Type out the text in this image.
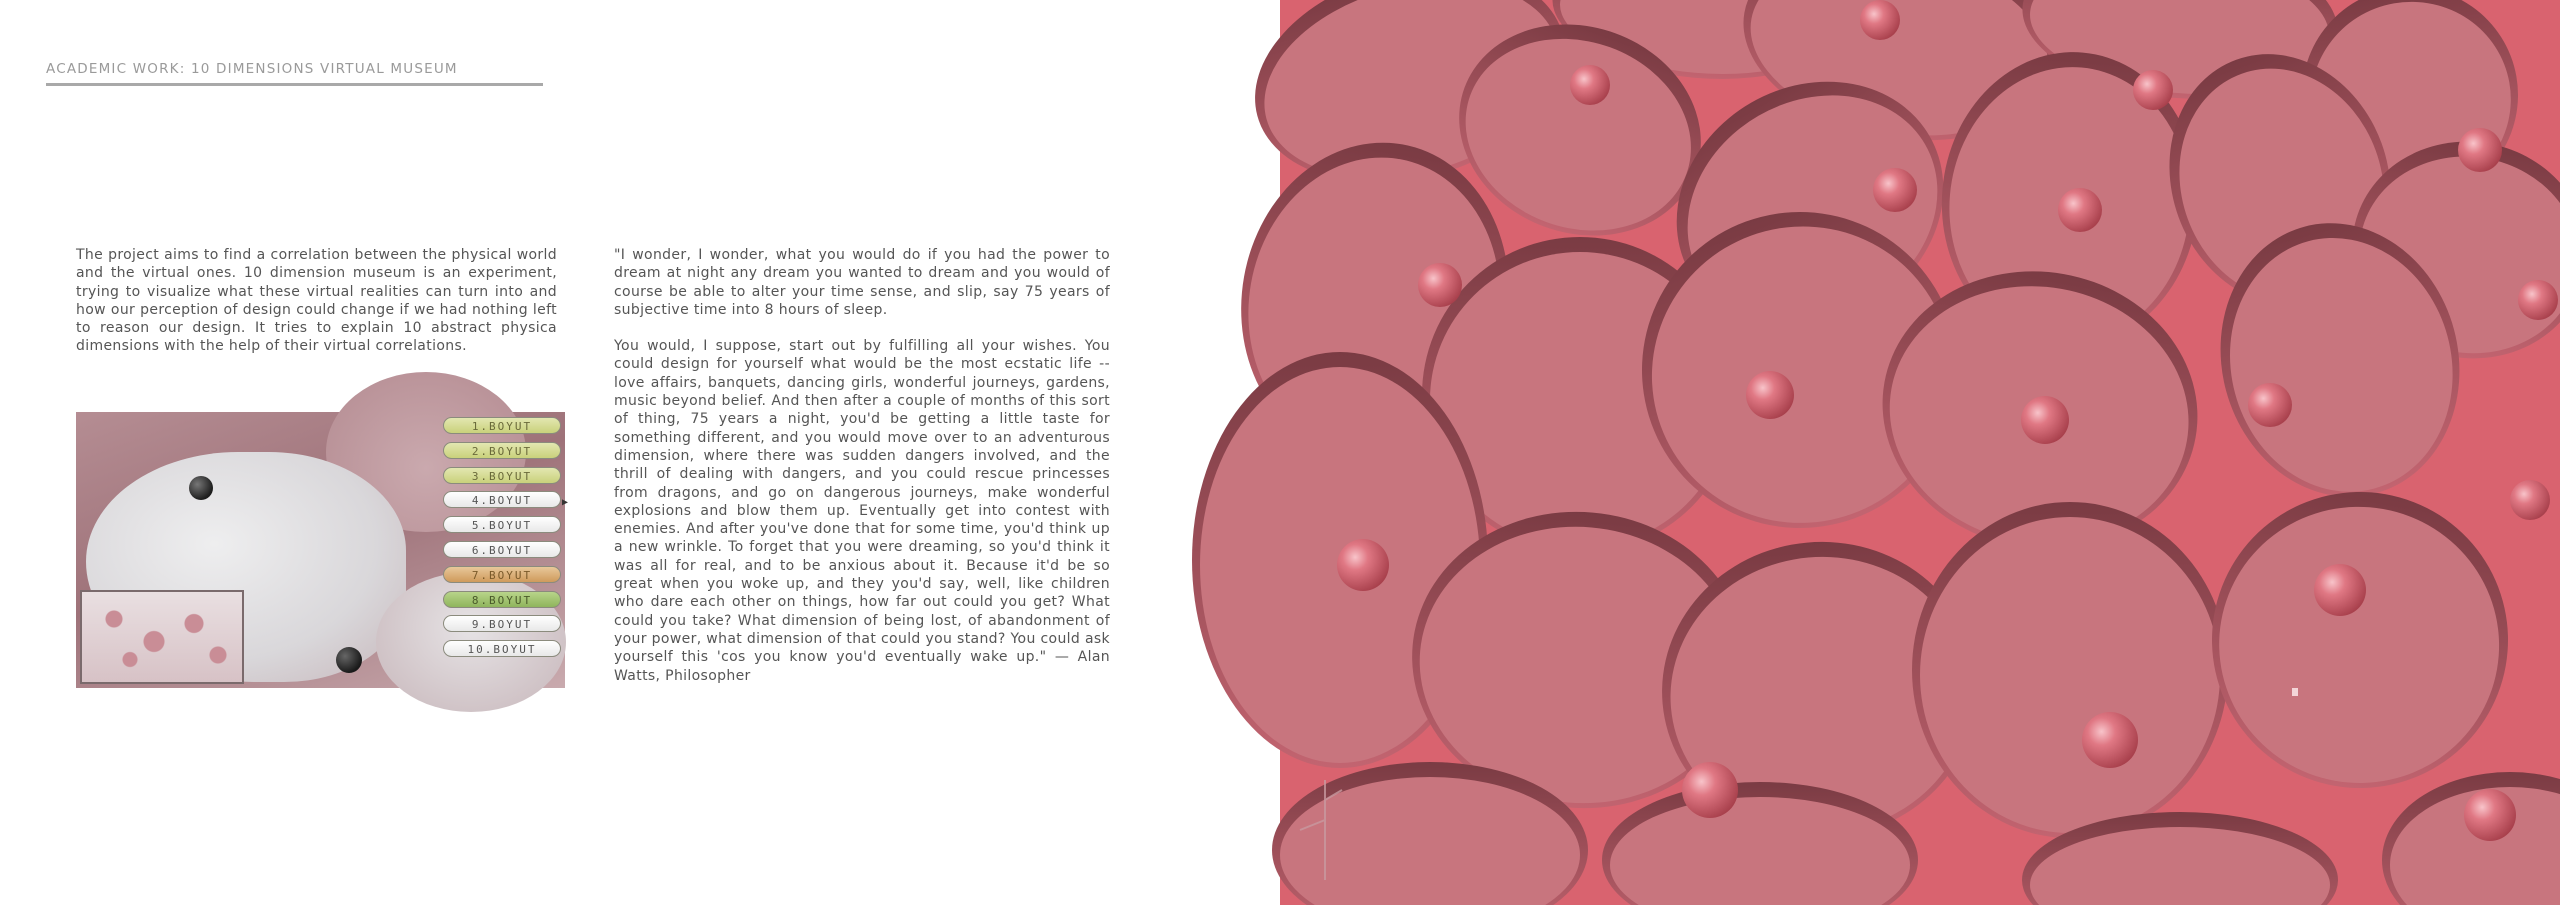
ACADEMIC WORK: 10 DIMENSIONS VIRTUAL MUSEUM
The project aims to find a correlation between the physical world and the virtual ones. 10 dimension museum is an experiment, trying to visualize what these virtual realities can turn into and how our perception of design could change if we had nothing left to reason our design. It tries to explain 10 abstract physica dimensions with the help of their virtual correlations.
1.BOYUT
2.BOYUT
3.BOYUT
4.BOYUT	▶
5.BOYUT
6.BOYUT
7.BOYUT
8.BOYUT
9.BOYUT
10.BOYUT

"I wonder, I wonder, what you would do if you had the power to dream at night any dream you wanted to dream and you would of course be able to alter your time sense, and slip, say 75 years of subjective time into 8 hours of sleep.

You would, I suppose, start out by fulfilling all your wishes. You could design for yourself what would be the most ecstatic life -- love affairs, banquets, dancing girls, wonderful journeys, gardens, music beyond belief. And then after a couple of months of this sort of thing, 75 years a night, you'd be getting a little taste for something different, and you would move over to an adventurous dimension, where there was sudden dangers involved, and the thrill of dealing with dangers, and you could rescue princesses from dragons, and go on dangerous journeys, make wonderful explosions and blow them up. Eventually get into contest with enemies. And after you've done that for some time, you'd think up a new wrinkle. To forget that you were dreaming, so you'd think it was all for real, and to be anxious about it. Because it'd be so great when you woke up, and they you'd say, well, like children who dare each other on things, how far out could you get? What could you take? What dimension of being lost, of abandonment of your power, what dimension of that could you stand? You could ask yourself this 'cos you know you'd eventually wake up." — Alan Watts, Philosopher
